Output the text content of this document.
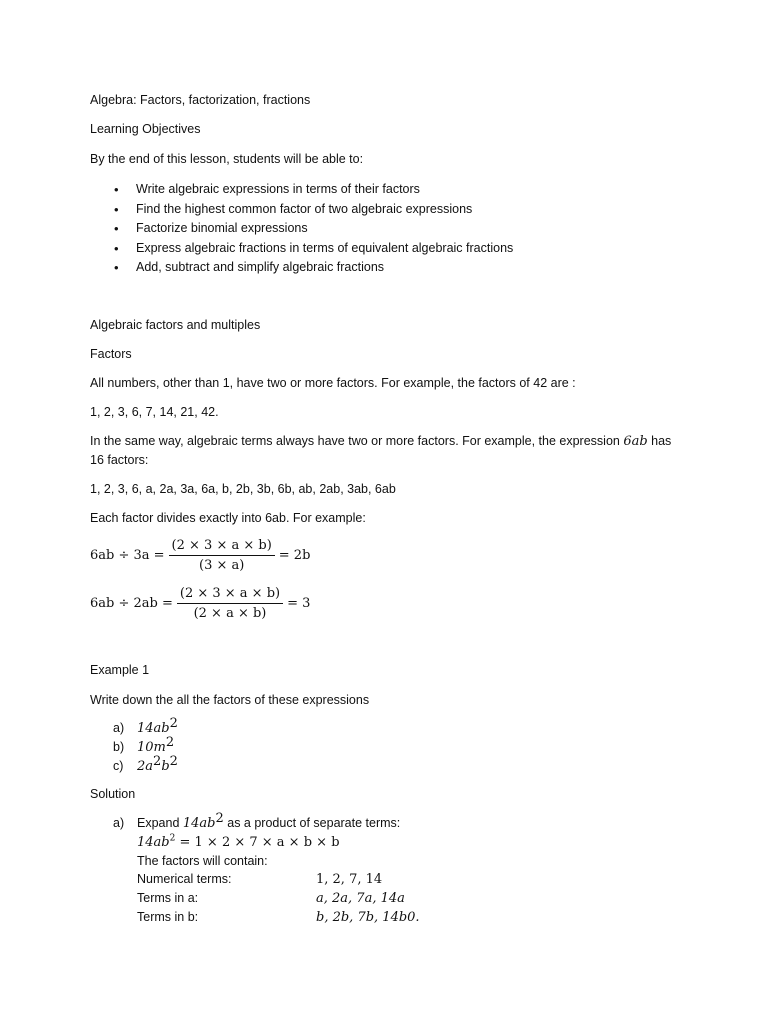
Algebra: Factors, factorization, fractions
Learning Objectives
By the end of this lesson, students will be able to:
• Write algebraic expressions in terms of their factors
• Find the highest common factor of two algebraic expressions
• Factorize binomial expressions
• Express algebraic fractions in terms of equivalent algebraic fractions
• Add, subtract and simplify algebraic fractions
Algebraic factors and multiples
Factors
All numbers, other than 1, have two or more factors. For example, the factors of 42 are :
1, 2, 3, 6, 7, 14, 21, 42.
In the same way, algebraic terms always have two or more factors. For example, the expression 6ab has
16 factors:
1, 2, 3, 6, a, 2a, 3a, 6a, b, 2b, 3b, 6b, ab, 2ab, 3ab, 6ab
Each factor divides exactly into 6ab. For example:
$6ab \div 3a = \frac{(2 \times 3 \times a \times b)}{(3 \times a)} = 2b$
$6ab \div 2ab = \frac{(2 \times 3 \times a \times b)}{(2 \times a \times b)} = 3$
Example 1
Write down the all the factors of these expressions
a) $14ab^2$
b) $10m^2$
c) $2a^2b^2$
Solution
a) Expand $14ab^2$ as a product of separate terms:
$14ab^2 = 1 \times 2 \times 7 \times a \times b \times b$
The factors will contain:
Numerical terms:	1, 2, 7, 14
Terms in a:	a, 2a, 7a, 14a
Terms in b:	b, 2b, 7b, 14b0.
